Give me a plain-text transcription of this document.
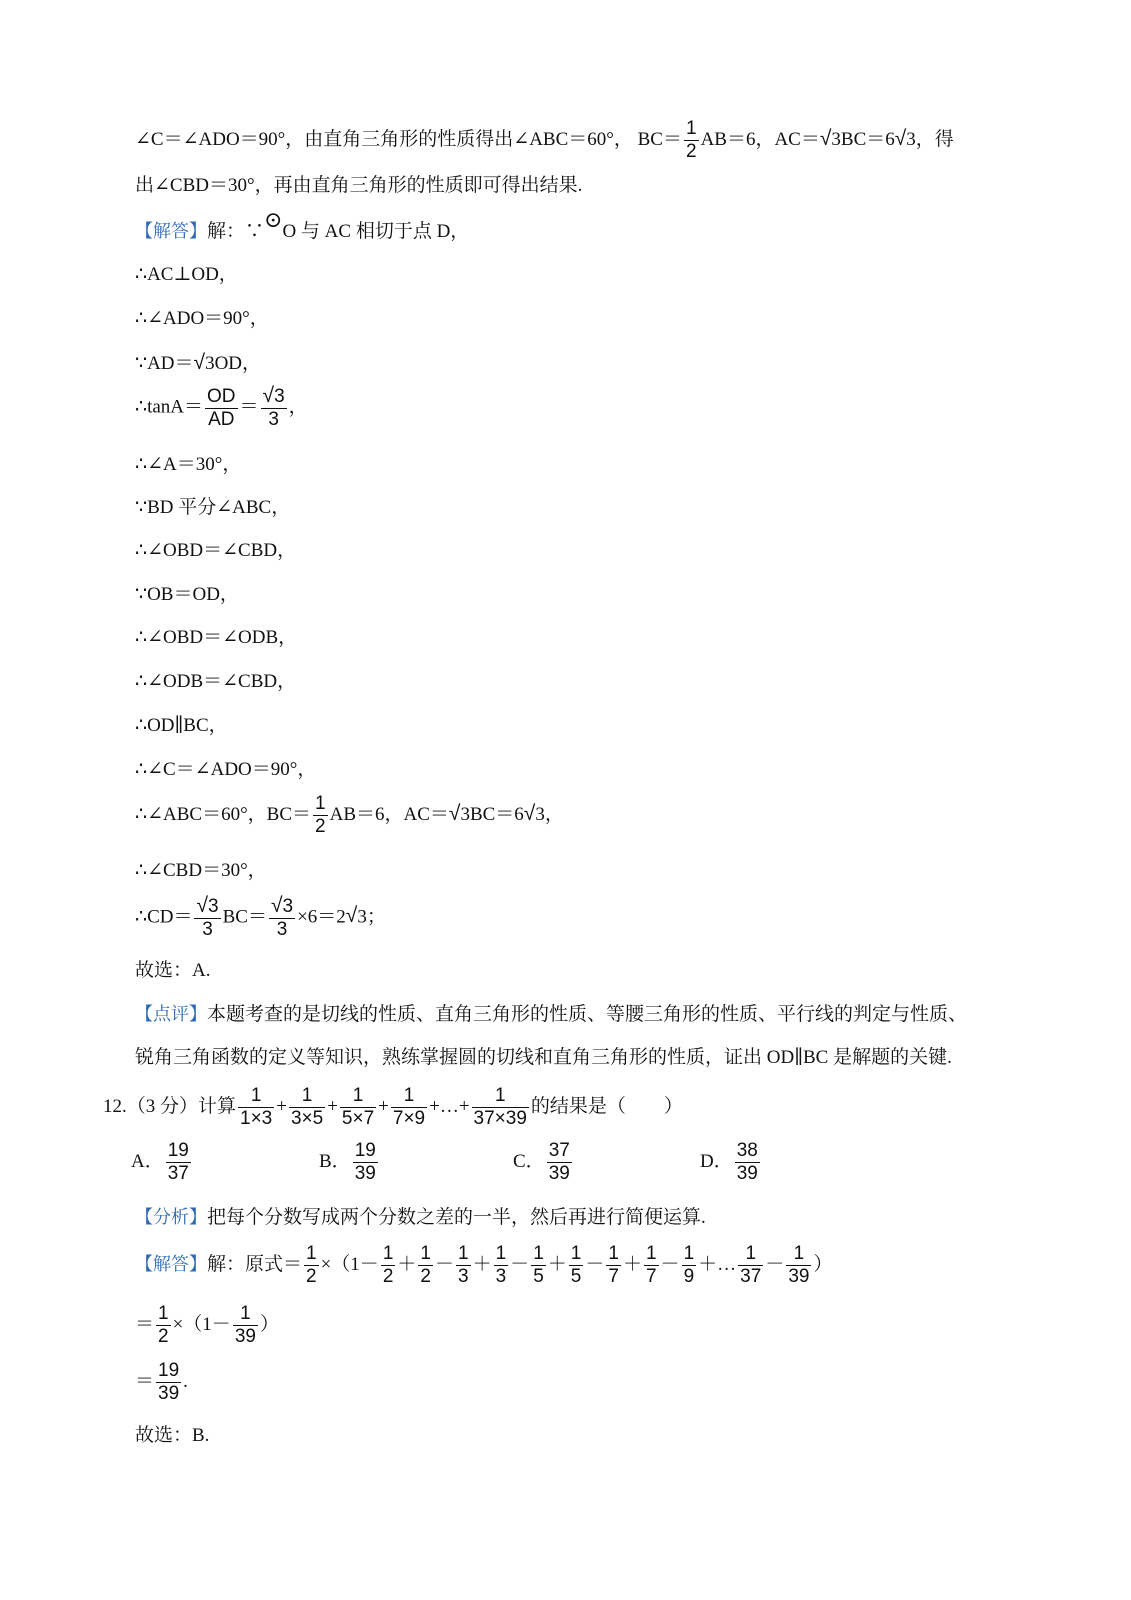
∠C＝∠ADO＝90°，由直角三角形的性质得出∠ABC＝60°， $BC= \frac{1}{2} AB=6$，AC＝√3BC＝6√3，得
出∠CBD＝30°，再由直角三角形的性质即可得出结果.
【解答】解：∵⊙O 与 AC 相切于点 D，
∴AC⊥OD，
∴∠ADO＝90°，
∵AD＝√3OD，
∴tanA＝ $\frac{OD}{AD} = \frac{√3}{3}$ ，
∴∠A＝30°，
∵BD 平分∠ABC，
∴∠OBD＝∠CBD，
∵OB＝OD，
∴∠OBD＝∠ODB，
∴∠ODB＝∠CBD，
∴OD∥BC，
∴∠C＝∠ADO＝90°，
∴∠ABC＝60°，$BC= \frac{1}{2} AB=6$，AC＝√3BC＝6√3，
∴∠CBD＝30°，
∴CD＝ $\frac{√3}{3} BC= \frac{√3}{3} \times 6=2√3$；
故选：A.
【点评】本题考查的是切线的性质、直角三角形的性质、等腰三角形的性质、平行线的判定与性质、
锐角三角函数的定义等知识，熟练掌握圆的切线和直角三角形的性质，证出 OD∥BC 是解题的关键.
12.（3 分）计算 $\frac{1}{1\times 3} + \frac{1}{3\times 5} + \frac{1}{5\times 7} + \frac{1}{7\times 9}$ +…+ $\frac{1}{37\times 39}$ 的结果是（　　）
A． $\frac{19}{37}$	B． $\frac{19}{39}$	C． $\frac{37}{39}$	D． $\frac{38}{39}$
【分析】把每个分数写成两个分数之差的一半，然后再进行简便运算.
【解答】解：原式＝ $\frac{1}{2} \times(1- \frac{1}{2} + \frac{1}{2} - \frac{1}{3} + \frac{1}{3} - \frac{1}{5} + \frac{1}{5} - \frac{1}{7} + \frac{1}{7} - \frac{1}{9}$ ＋… $\frac{1}{37} - \frac{1}{39}$ ）
＝ $\frac{1}{2} \times(1- \frac{1}{39}$ ）
＝ $\frac{19}{39}$ .
故选：B.
